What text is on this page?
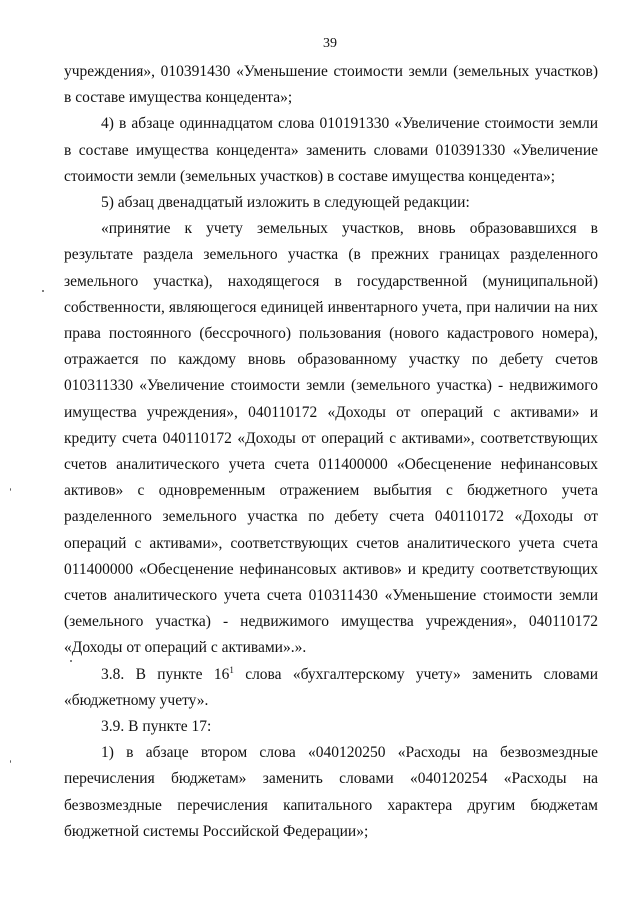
39

учреждения», 010391430 «Уменьшение стоимости земли (земельных участков) в составе имущества концедента»;

4) в абзаце одиннадцатом слова 010191330 «Увеличение стоимости земли в составе имущества концедента» заменить словами 010391330 «Увеличение стоимости земли (земельных участков) в составе имущества концедента»;

5) абзац двенадцатый изложить в следующей редакции:

«принятие к учету земельных участков, вновь образовавшихся в результате раздела земельного участка (в прежних границах разделенного земельного участка), находящегося в государственной (муниципальной) собственности, являющегося единицей инвентарного учета, при наличии на них права постоянного (бессрочного) пользования (нового кадастрового номера), отражается по каждому вновь образованному участку по дебету счетов 010311330 «Увеличение стоимости земли (земельного участка) - недвижимого имущества учреждения», 040110172 «Доходы от операций с активами» и кредиту счета 040110172 «Доходы от операций с активами», соответствующих счетов аналитического учета счета 011400000 «Обесценение нефинансовых активов» с одновременным отражением выбытия с бюджетного учета разделенного земельного участка по дебету счета 040110172 «Доходы от операций с активами», соответствующих счетов аналитического учета счета 011400000 «Обесценение нефинансовых активов» и кредиту соответствующих счетов аналитического учета счета 010311430 «Уменьшение стоимости земли (земельного участка) - недвижимого имущества учреждения», 040110172 «Доходы от операций с активами».».

3.8. В пункте $16^1$ слова «бухгалтерскому учету» заменить словами «бюджетному учету».

3.9. В пункте 17:

1) в абзаце втором слова «040120250 «Расходы на безвозмездные перечисления бюджетам» заменить словами «040120254 «Расходы на безвозмездные перечисления капитального характера другим бюджетам бюджетной системы Российской Федерации»;
